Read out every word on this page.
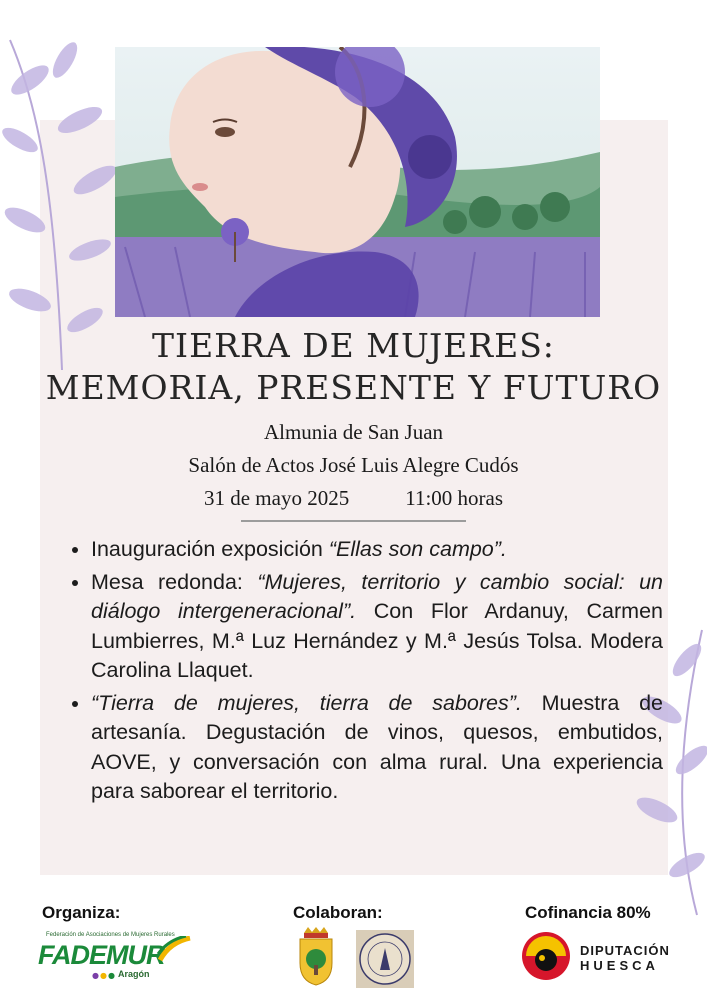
TIERRA DE MUJERES:
MEMORIA, PRESENTE Y FUTURO
Almunia de San Juan
Salón de Actos José Luis Alegre Cudós
31 de mayo 2025	11:00 horas
• Inauguración exposición “Ellas son campo”.
• Mesa redonda: “Mujeres, territorio y cambio social: un diálogo intergeneracional”. Con Flor Ardanuy, Carmen Lumbierres, M.ª Luz Hernández y M.ª Jesús Tolsa. Modera Carolina Llaquet.
• “Tierra de mujeres, tierra de sabores”. Muestra de artesanía. Degustación de vinos, quesos, embutidos, AOVE, y conversación con alma rural. Una experiencia para saborear el territorio.
Organiza:	Colaboran:	Cofinancia 80%
Federación de Asociaciones de Mujeres Rurales
FADEMUR
●●● Aragón
DIPUTACIÓN
HUESCA
